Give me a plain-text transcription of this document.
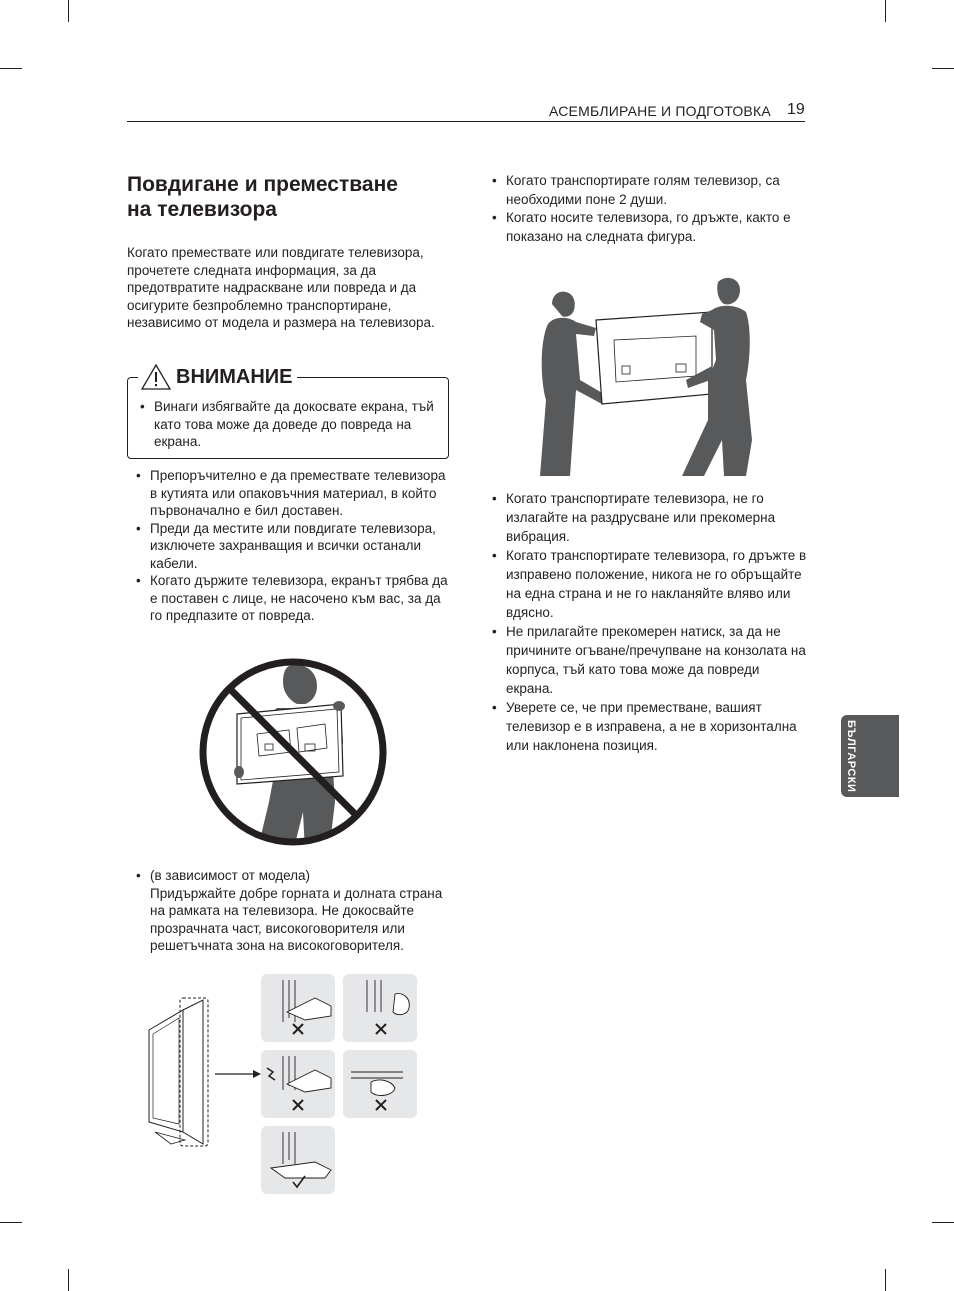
АСЕМБЛИРАНЕ И ПОДГОТОВКА 19
Повдигане и преместване
на телевизора
Когато премествате или повдигате телевизора, прочетете следната информация, за да предотвратите надраскване или повреда и да осигурите безпроблемно транспортиране, независимо от модела и размера на телевизора.
ВНИМАНИЕ
• Винаги избягвайте да докосвате екрана, тъй като това може да доведе до повреда на екрана.
• Препоръчително е да премествате телевизора в кутията или опаковъчния материал, в който първоначално е бил доставен.
• Преди да местите или повдигате телевизора, изключете захранващия и всички останали кабели.
• Когато държите телевизора, екранът трябва да е поставен с лице, не насочено към вас, за да го предпазите от повреда.
• (в зависимост от модела)
Придържайте добре горната и долната страна на рамката на телевизора. Не докосвайте прозрачната част, високоговорителя или решетъчната зона на високоговорителя.
• Когато транспортирате голям телевизор, са необходими поне 2 души.
• Когато носите телевизора, го дръжте, както е показано на следната фигура.
• Когато транспортирате телевизора, не го излагайте на раздрусване или прекомерна вибрация.
• Когато транспортирате телевизора, го дръжте в изправено положение, никога не го обръщайте на една страна и не го накланяйте вляво или вдясно.
• Не прилагайте прекомерен натиск, за да не причините огъване/пречупване на конзолата на корпуса, тъй като това може да повреди екрана.
• Уверете се, че при преместване, вашият телевизор е в изправена, а не в хоризонтална или наклонена позиция.	БЪЛГАРСКИ
